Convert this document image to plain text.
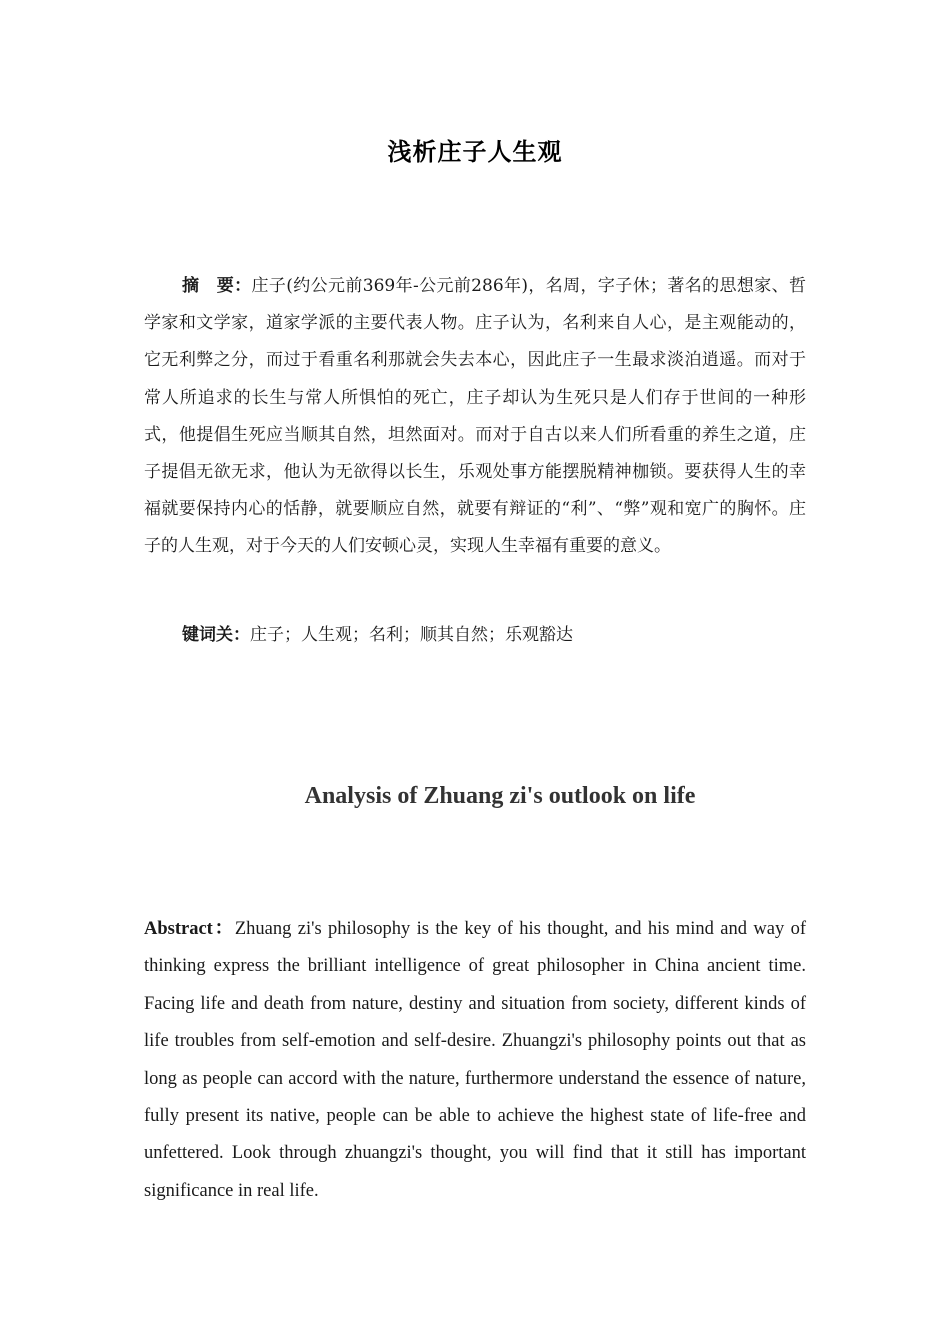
浅析庄子人生观

摘　要：庄子(约公元前369年-公元前286年)，名周，字子休；著名的思想家、哲学家和文学家，道家学派的主要代表人物。庄子认为，名利来自人心，是主观能动的，它无利弊之分，而过于看重名利那就会失去本心，因此庄子一生最求淡泊逍遥。而对于常人所追求的长生与常人所惧怕的死亡，庄子却认为生死只是人们存于世间的一种形式，他提倡生死应当顺其自然，坦然面对。而对于自古以来人们所看重的养生之道，庄子提倡无欲无求，他认为无欲得以长生，乐观处事方能摆脱精神枷锁。要获得人生的幸福就要保持内心的恬静，就要顺应自然，就要有辩证的“利”、“弊”观和宽广的胸怀。庄子的人生观，对于今天的人们安顿心灵，实现人生幸福有重要的意义。

键词关：庄子；人生观；名利；顺其自然；乐观豁达

Analysis of Zhuang zi's outlook on life

Abstract：Zhuang zi's philosophy is the key of his thought, and his mind and way of thinking express the brilliant intelligence of great philosopher in China ancient time. Facing life and death from nature, destiny and situation from society, different kinds of life troubles from self-emotion and self-desire. Zhuangzi's philosophy points out that as long as people can accord with the nature, furthermore understand the essence of nature, fully present its native, people can be able to achieve the highest state of life-free and unfettered. Look through zhuangzi's thought, you will find that it still has important significance in real life.
